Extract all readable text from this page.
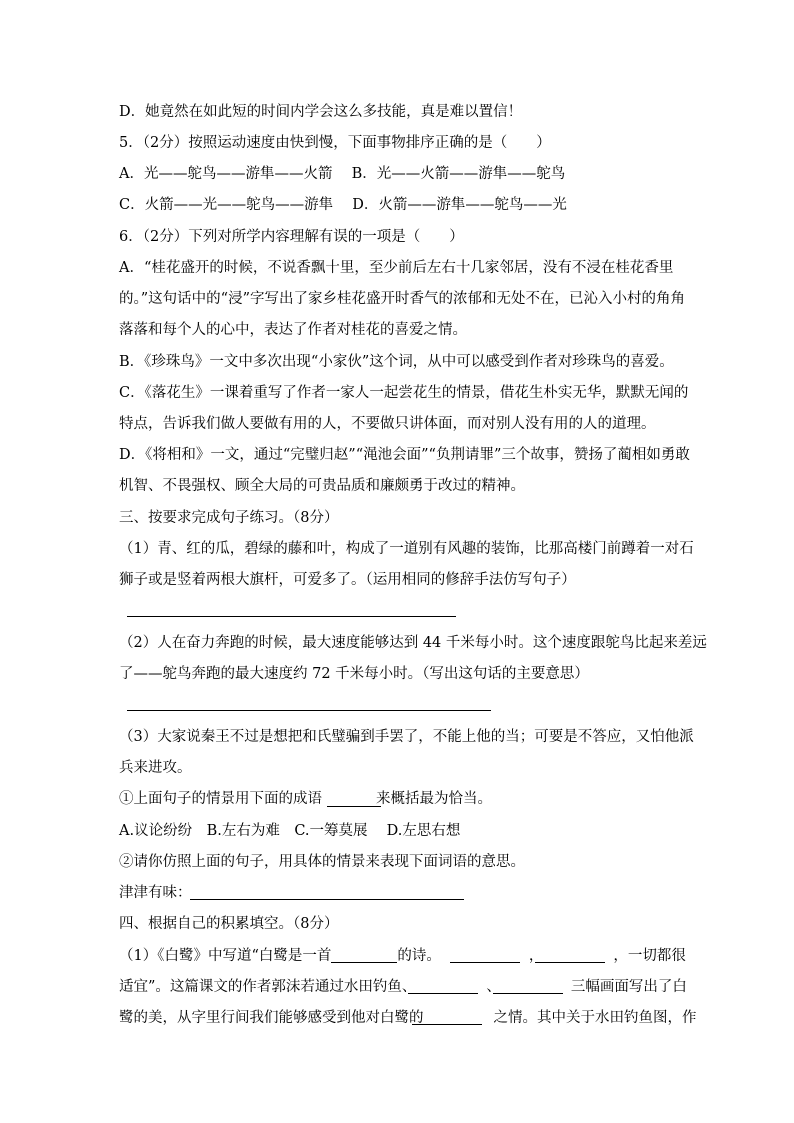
D．她竟然在如此短的时间内学会这么多技能，真是难以置信！
5．（2分）按照运动速度由快到慢，下面事物排序正确的是（　　）
A．光——鸵鸟——游隼——火箭　 B．光——火箭——游隼——鸵鸟
C．火箭——光——鸵鸟——游隼　 D．火箭——游隼——鸵鸟——光
6．（2分）下列对所学内容理解有误的一项是（　　）
A．“桂花盛开的时候，不说香飘十里，至少前后左右十几家邻居，没有不浸在桂花香里
的。”这句话中的“浸”字写出了家乡桂花盛开时香气的浓郁和无处不在，已沁入小村的角角
落落和每个人的心中，表达了作者对桂花的喜爱之情。
B．《珍珠鸟》一文中多次出现“小家伙”这个词，从中可以感受到作者对珍珠鸟的喜爱。
C．《落花生》一课着重写了作者一家人一起尝花生的情景，借花生朴实无华，默默无闻的
特点，告诉我们做人要做有用的人，不要做只讲体面，而对别人没有用的人的道理。
D．《将相和》一文，通过“完璧归赵”“渑池会面”“负荆请罪”三个故事，赞扬了蔺相如勇敢
机智、不畏强权、顾全大局的可贵品质和廉颇勇于改过的精神。
三、按要求完成句子练习。（8分）
（1）青、红的瓜，碧绿的藤和叶，构成了一道别有风趣的装饰，比那高楼门前蹲着一对石
狮子或是竖着两根大旗杆，可爱多了。（运用相同的修辞手法仿写句子）
（2）人在奋力奔跑的时候，最大速度能够达到 44 千米每小时。这个速度跟鸵鸟比起来差远
了——鸵鸟奔跑的最大速度约 72 千米每小时。（写出这句话的主要意思）
（3）大家说秦王不过是想把和氏璧骗到手罢了，不能上他的当；可要是不答应，又怕他派
兵来进攻。
①上面句子的情景用下面的成语	来概括最为恰当。
A.议论纷纷　B.左右为难　C.一筹莫展　 D.左思右想
②请你仿照上面的句子，用具体的情景来表现下面词语的意思。
津津有味：
四、根据自己的积累填空。（8分）
（1）《白鹭》中写道“白鹭是一首	的诗。	，	，一切都很
适宜”。这篇课文的作者郭沫若通过水田钓鱼、	、	三幅画面写出了白
鹭的美，从字里行间我们能够感受到他对白鹭的	之情。其中关于水田钓鱼图，作
